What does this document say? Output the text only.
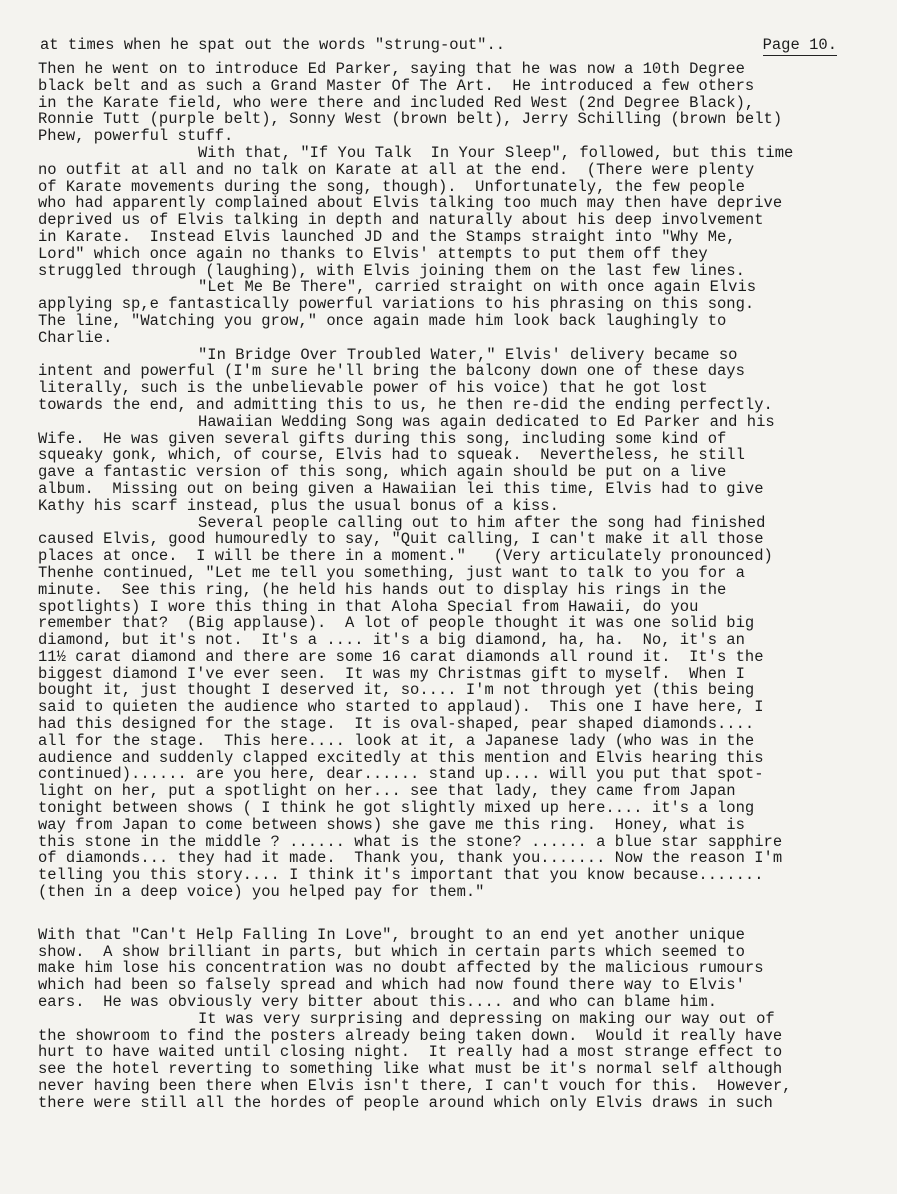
at times when he spat out the words "strung-out"..	Page 10.
Then he went on to introduce Ed Parker, saying that he was now a 10th Degree
black belt and as such a Grand Master Of The Art.  He introduced a few others
in the Karate field, who were there and included Red West (2nd Degree Black),
Ronnie Tutt (purple belt), Sonny West (brown belt), Jerry Schilling (brown belt)
Phew, powerful stuff.
With that, "If You Talk  In Your Sleep", followed, but this time
no outfit at all and no talk on Karate at all at the end.  (There were plenty
of Karate movements during the song, though).  Unfortunately, the few people
who had apparently complained about Elvis talking too much may then have deprive
deprived us of Elvis talking in depth and naturally about his deep involvement
in Karate.  Instead Elvis launched JD and the Stamps straight into "Why Me,
Lord" which once again no thanks to Elvis' attempts to put them off they
struggled through (laughing), with Elvis joining them on the last few lines.
"Let Me Be There", carried straight on with once again Elvis
applying sp,e fantastically powerful variations to his phrasing on this song.
The line, "Watching you grow," once again made him look back laughingly to
Charlie.
"In Bridge Over Troubled Water," Elvis' delivery became so
intent and powerful (I'm sure he'll bring the balcony down one of these days
literally, such is the unbelievable power of his voice) that he got lost
towards the end, and admitting this to us, he then re-did the ending perfectly.
Hawaiian Wedding Song was again dedicated to Ed Parker and his
Wife.  He was given several gifts during this song, including some kind of
squeaky gonk, which, of course, Elvis had to squeak.  Nevertheless, he still
gave a fantastic version of this song, which again should be put on a live
album.  Missing out on being given a Hawaiian lei this time, Elvis had to give
Kathy his scarf instead, plus the usual bonus of a kiss.
Several people calling out to him after the song had finished
caused Elvis, good humouredly to say, "Quit calling, I can't make it all those
places at once.  I will be there in a moment."   (Very articulately pronounced)
Thenhe continued, "Let me tell you something, just want to talk to you for a
minute.  See this ring, (he held his hands out to display his rings in the
spotlights) I wore this thing in that Aloha Special from Hawaii, do you
remember that?  (Big applause).  A lot of people thought it was one solid big
diamond, but it's not.  It's a .... it's a big diamond, ha, ha.  No, it's an
11½ carat diamond and there are some 16 carat diamonds all round it.  It's the
biggest diamond I've ever seen.  It was my Christmas gift to myself.  When I
bought it, just thought I deserved it, so.... I'm not through yet (this being
said to quieten the audience who started to applaud).  This one I have here, I
had this designed for the stage.  It is oval-shaped, pear shaped diamonds....
all for the stage.  This here.... look at it, a Japanese lady (who was in the
audience and suddenly clapped excitedly at this mention and Elvis hearing this
continued)...... are you here, dear...... stand up.... will you put that spot-
light on her, put a spotlight on her... see that lady, they came from Japan
tonight between shows ( I think he got slightly mixed up here.... it's a long
way from Japan to come between shows) she gave me this ring.  Honey, what is
this stone in the middle ? ...... what is the stone? ...... a blue star sapphire
of diamonds... they had it made.  Thank you, thank you....... Now the reason I'm
telling you this story.... I think it's important that you know because.......
(then in a deep voice) you helped pay for them."
With that "Can't Help Falling In Love", brought to an end yet another unique
show.  A show brilliant in parts, but which in certain parts which seemed to
make him lose his concentration was no doubt affected by the malicious rumours
which had been so falsely spread and which had now found there way to Elvis'
ears.  He was obviously very bitter about this.... and who can blame him.
It was very surprising and depressing on making our way out of
the showroom to find the posters already being taken down.  Would it really have
hurt to have waited until closing night.  It really had a most strange effect to
see the hotel reverting to something like what must be it's normal self although
never having been there when Elvis isn't there, I can't vouch for this.  However,
there were still all the hordes of people around which only Elvis draws in such
